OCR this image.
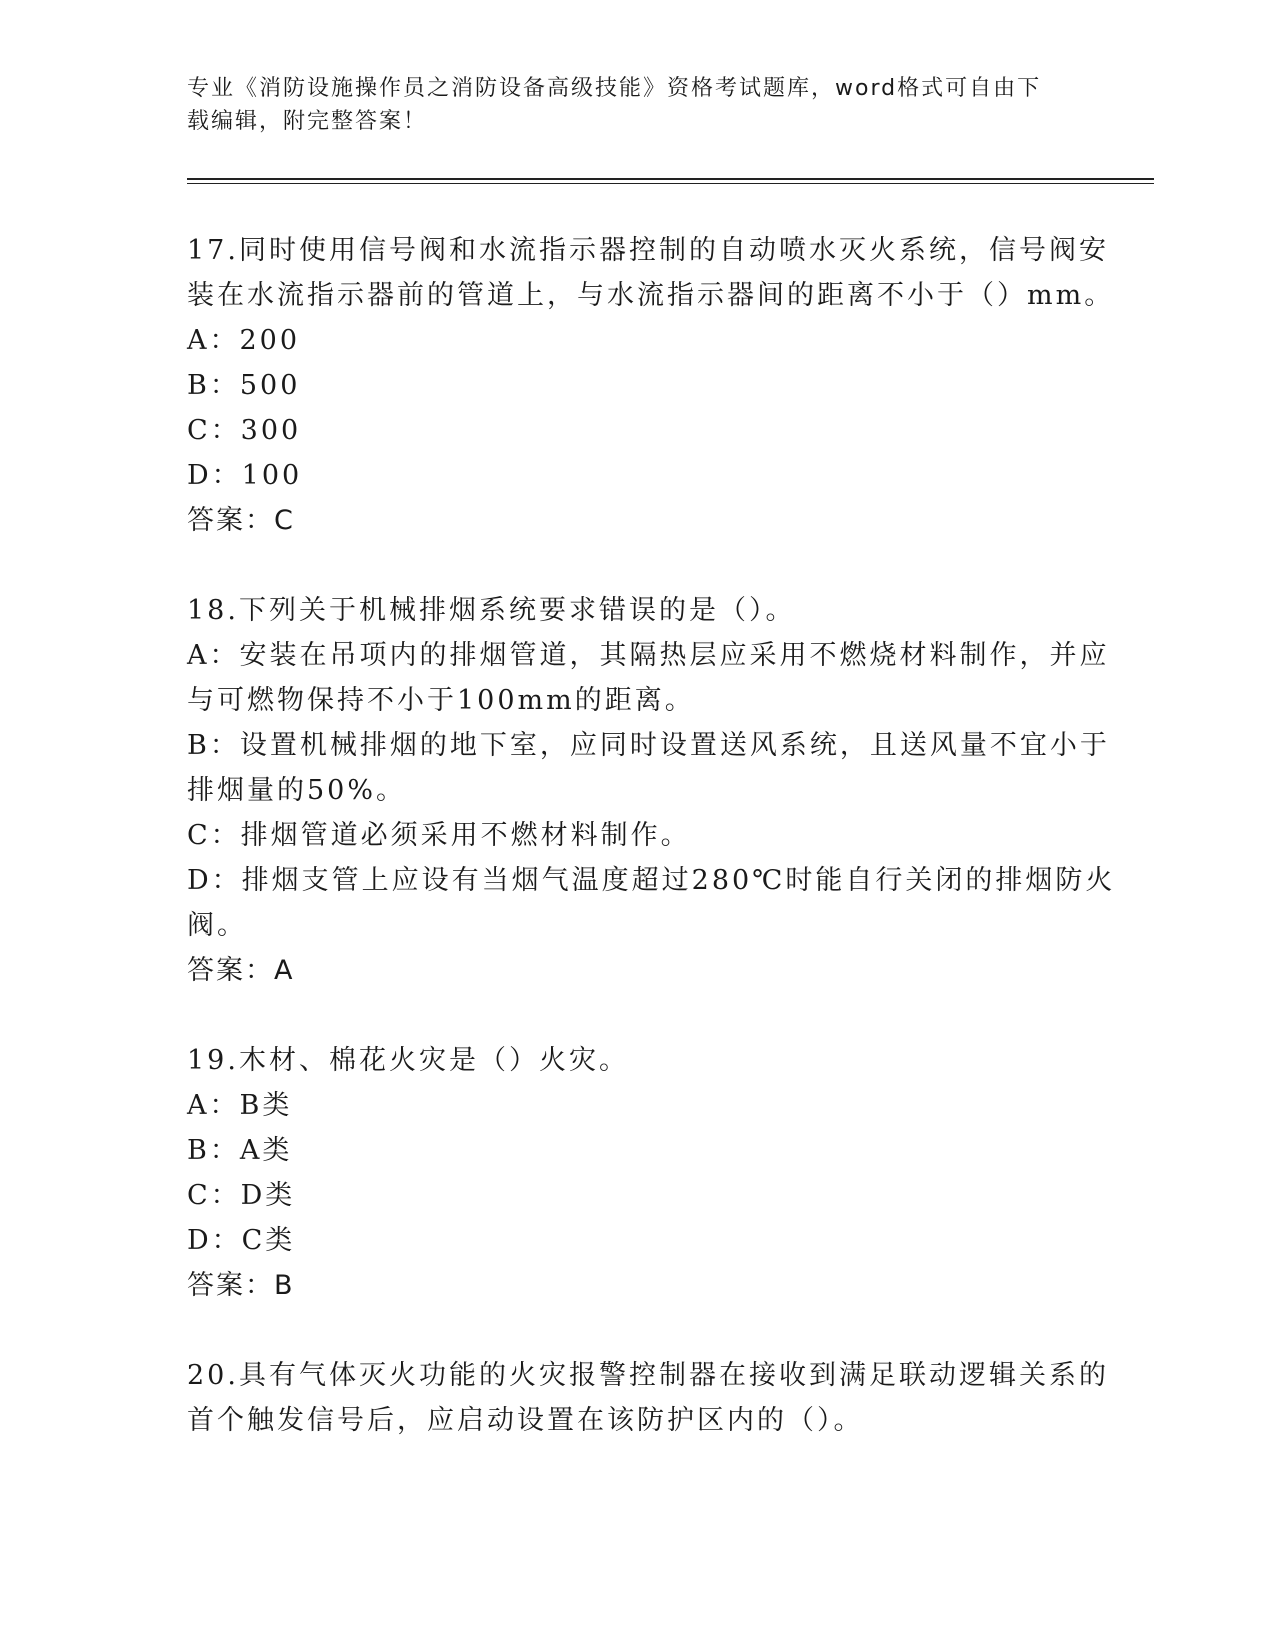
专业《消防设施操作员之消防设备高级技能》资格考试题库，word格式可自由下
载编辑，附完整答案！
17.同时使用信号阀和水流指示器控制的自动喷水灭火系统，信号阀安
装在水流指示器前的管道上，与水流指示器间的距离不小于（）mm。
A：200
B：500
C：300
D：100
答案：C
18.下列关于机械排烟系统要求错误的是（）。
A：安装在吊项内的排烟管道，其隔热层应采用不燃烧材料制作，并应
与可燃物保持不小于100mm的距离。
B：设置机械排烟的地下室，应同时设置送风系统，且送风量不宜小于
排烟量的50%。
C：排烟管道必须采用不燃材料制作。
D：排烟支管上应设有当烟气温度超过280℃时能自行关闭的排烟防火
阀。
答案：A
19.木材、棉花火灾是（）火灾。
A：B类
B：A类
C：D类
D：C类
答案：B
20.具有气体灭火功能的火灾报警控制器在接收到满足联动逻辑关系的
首个触发信号后，应启动设置在该防护区内的（）。
